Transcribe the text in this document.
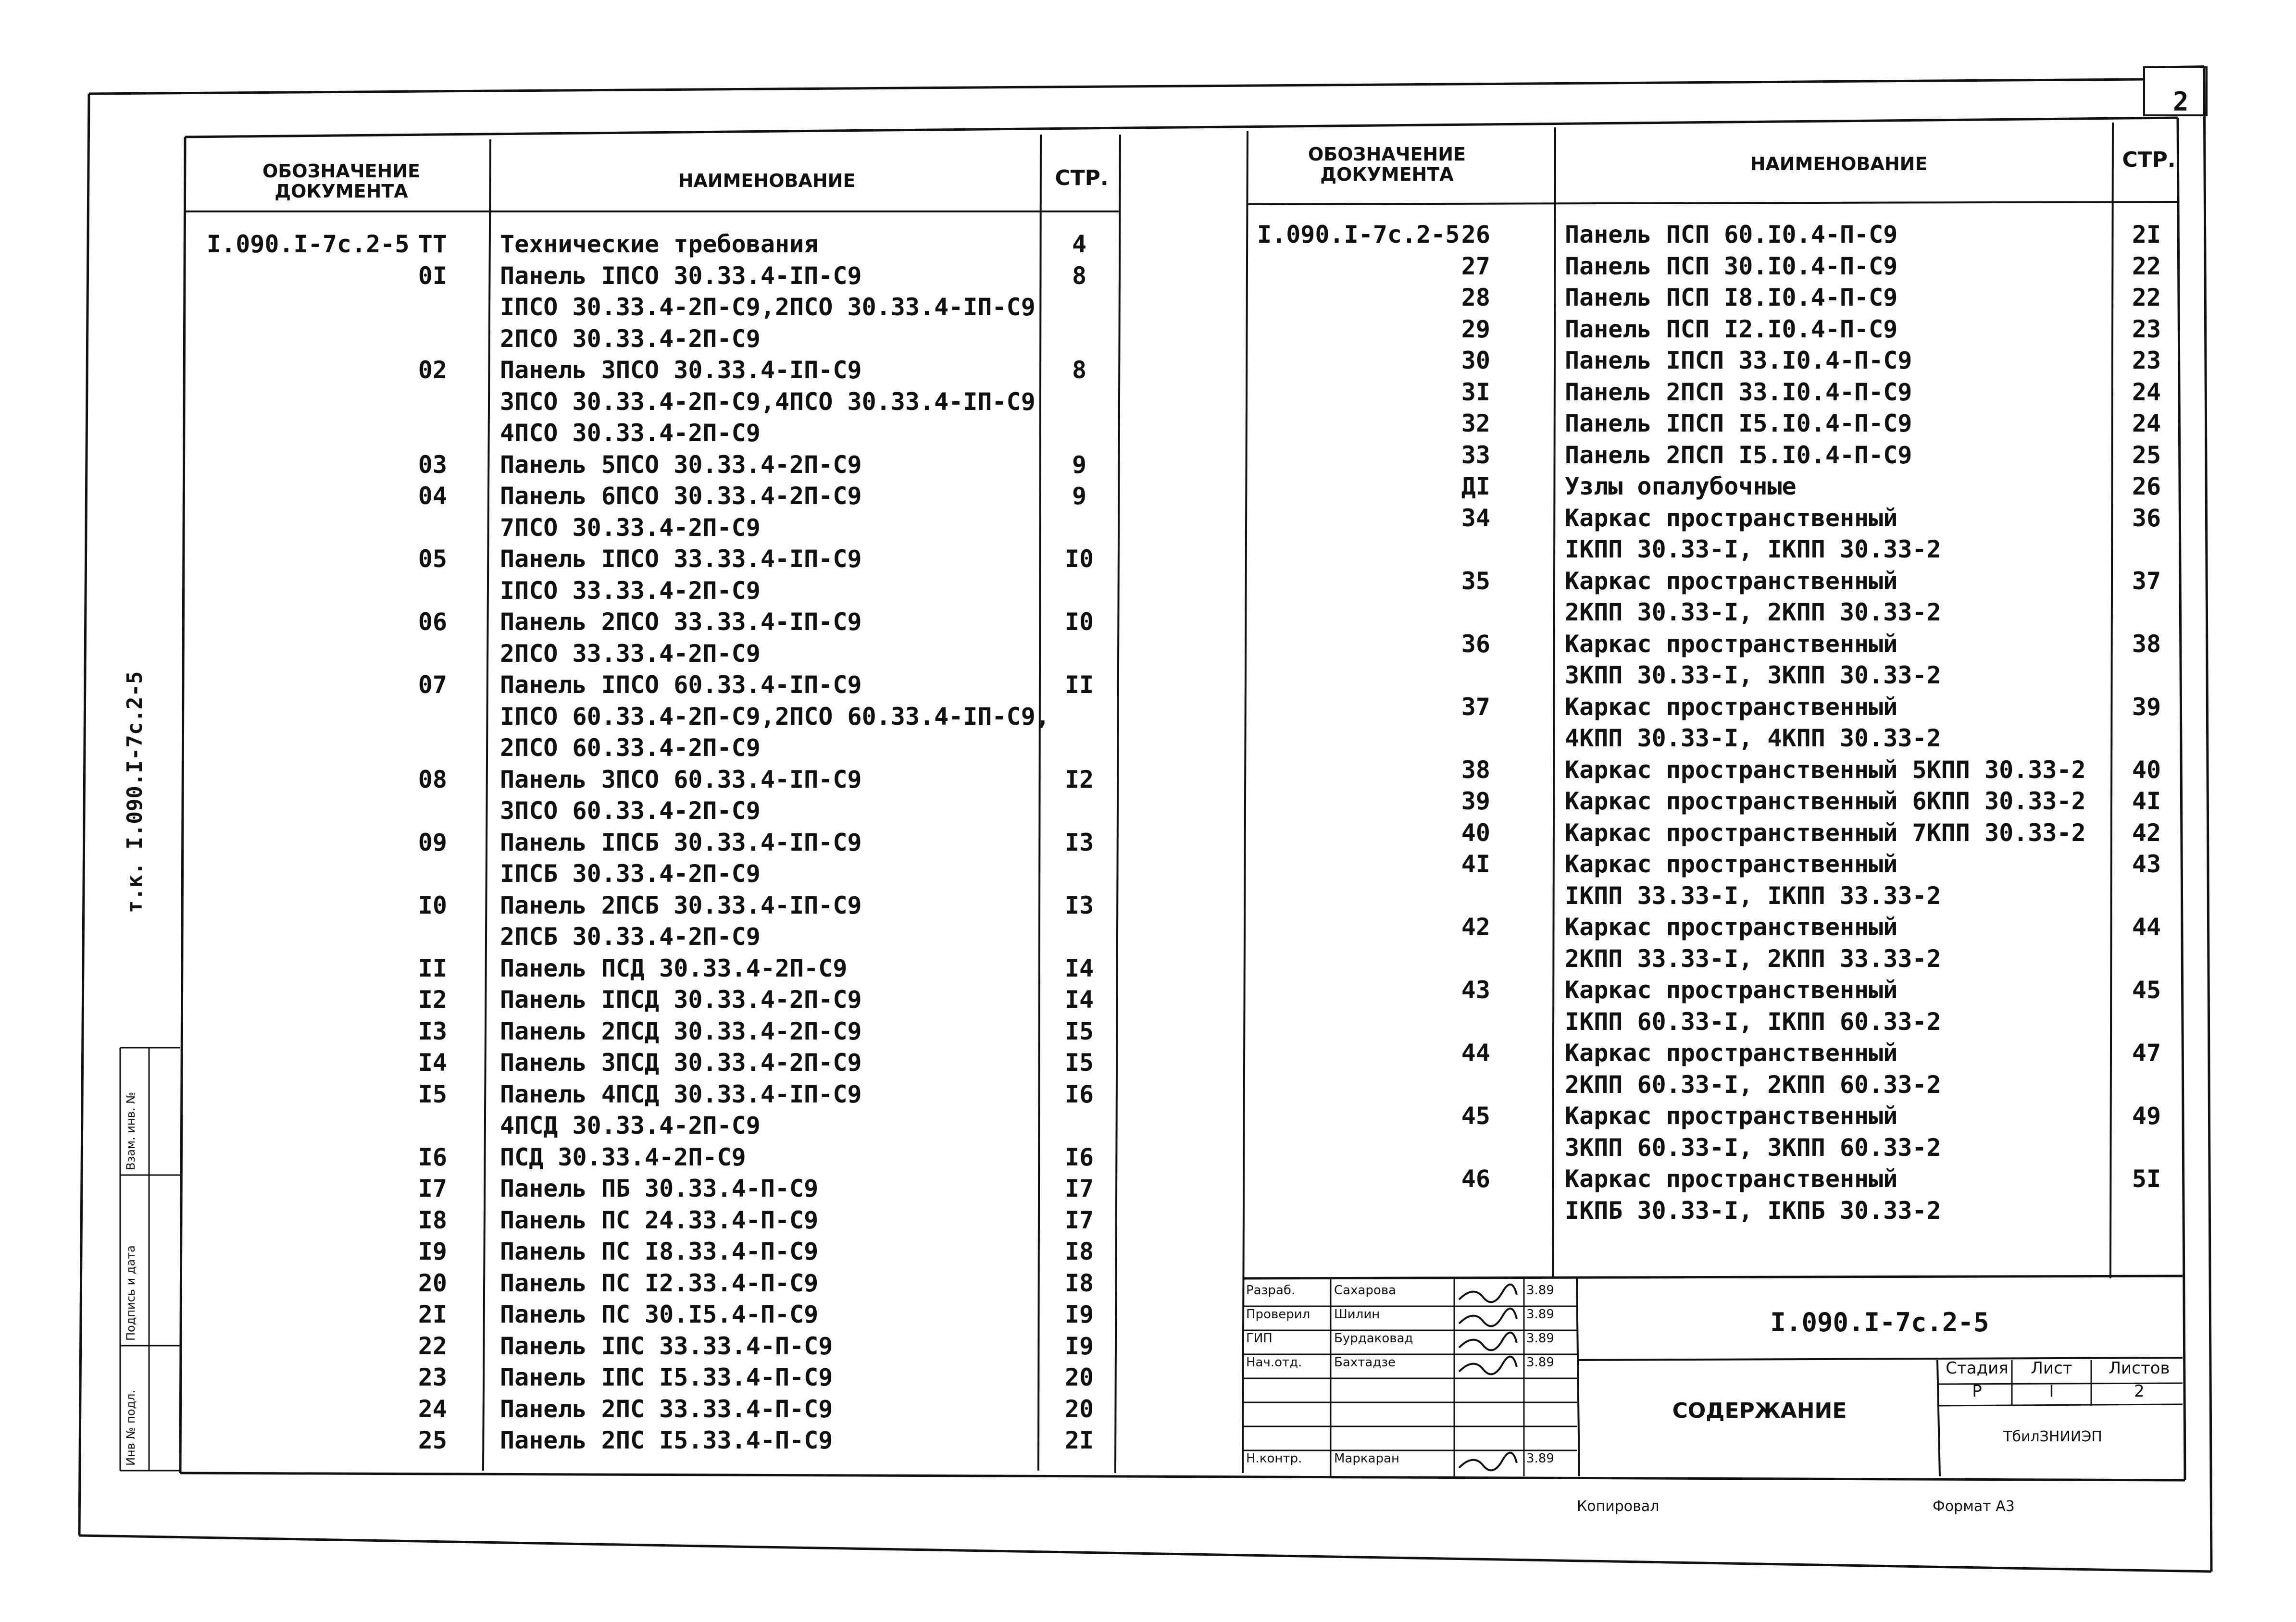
2
т.к. I.090.I-7с.2-5
Инв № подл.
Подпись и дата
Взам. инв. №
ОБОЗНАЧЕНИЕ ДОКУМЕНТА	НАИМЕНОВАНИЕ	СТР.
I.090.I-7с.2-5 ТТ Технические требования	4
0I Панель IПСО 30.33.4-IП-С9	8
IПСО 30.33.4-2П-С9,2ПСО 30.33.4-IП-С9
2ПСО 30.33.4-2П-С9
02 Панель 3ПСО 30.33.4-IП-С9	8
3ПСО 30.33.4-2П-С9,4ПСО 30.33.4-IП-С9
4ПСО 30.33.4-2П-С9
03 Панель 5ПСО 30.33.4-2П-С9	9
04 Панель 6ПСО 30.33.4-2П-С9	9
7ПСО 30.33.4-2П-С9
05 Панель IПСО 33.33.4-IП-С9	I0
IПСО 33.33.4-2П-С9
06 Панель 2ПСО 33.33.4-IП-С9	I0
2ПСО 33.33.4-2П-С9
07 Панель IПСО 60.33.4-IП-С9	II
IПСО 60.33.4-2П-С9,2ПСО 60.33.4-IП-С9,
2ПСО 60.33.4-2П-С9
08 Панель 3ПСО 60.33.4-IП-С9	I2
3ПСО 60.33.4-2П-С9
09 Панель IПСБ 30.33.4-IП-С9	I3
IПСБ 30.33.4-2П-С9
I0 Панель 2ПСБ 30.33.4-IП-С9	I3
2ПСБ 30.33.4-2П-С9
II Панель ПСД 30.33.4-2П-С9	I4
I2 Панель IПСД 30.33.4-2П-С9	I4
I3 Панель 2ПСД 30.33.4-2П-С9	I5
I4 Панель 3ПСД 30.33.4-2П-С9	I5
I5 Панель 4ПСД 30.33.4-IП-С9	I6
4ПСД 30.33.4-2П-С9
I6 ПСД 30.33.4-2П-С9	I6
I7 Панель ПБ 30.33.4-П-С9	I7
I8 Панель ПС 24.33.4-П-С9	I7
I9 Панель ПС I8.33.4-П-С9	I8
20 Панель ПС I2.33.4-П-С9	I8
2I Панель ПС 30.I5.4-П-С9	I9
22 Панель IПС 33.33.4-П-С9	I9
23 Панель IПС I5.33.4-П-С9	20
24 Панель 2ПС 33.33.4-П-С9	20
25 Панель 2ПС I5.33.4-П-С9	2I
ОБОЗНАЧЕНИЕ ДОКУМЕНТА	НАИМЕНОВАНИЕ	СТР.
I.090.I-7с.2-5 26	Панель ПСП 60.I0.4-П-С9	2I
27	Панель ПСП 30.I0.4-П-С9	22
28	Панель ПСП I8.I0.4-П-С9	22
29	Панель ПСП I2.I0.4-П-С9	23
30	Панель IПСП 33.I0.4-П-С9	23
3I	Панель 2ПСП 33.I0.4-П-С9	24
32	Панель IПСП I5.I0.4-П-С9	24
33	Панель 2ПСП I5.I0.4-П-С9	25
ДI	Узлы опалубочные	26
34	Каркас пространственный	36
IКПП 30.33-I, IКПП 30.33-2
35	Каркас пространственный	37
2КПП 30.33-I, 2КПП 30.33-2
36	Каркас пространственный	38
3КПП 30.33-I, 3КПП 30.33-2
37	Каркас пространственный	39
4КПП 30.33-I, 4КПП 30.33-2
38	Каркас пространственный 5КПП 30.33-2	40
39	Каркас пространственный 6КПП 30.33-2	4I
40	Каркас пространственный 7КПП 30.33-2	42
4I	Каркас пространственный	43
IКПП 33.33-I, IКПП 33.33-2
42	Каркас пространственный	44
2КПП 33.33-I, 2КПП 33.33-2
43	Каркас пространственный	45
IКПП 60.33-I, IКПП 60.33-2
44	Каркас пространственный	47
2КПП 60.33-I, 2КПП 60.33-2
45	Каркас пространственный	49
3КПП 60.33-I, 3КПП 60.33-2
46	Каркас пространственный	5I
IКПБ 30.33-I, IКПБ 30.33-2
Разраб.	Сахарова	3.89
Проверил	Шилин	3.89
ГИП	Бурдаковад	3.89
Нач.отд.	Бахтадзе	3.89
Н.контр.	Маркаран	3.89
I.090.I-7с.2-5
СОДЕРЖАНИЕ
Стадия	Лист	Листов
Р	I	2
ТбилЗНИИЭП
Копировал	Формат А3
